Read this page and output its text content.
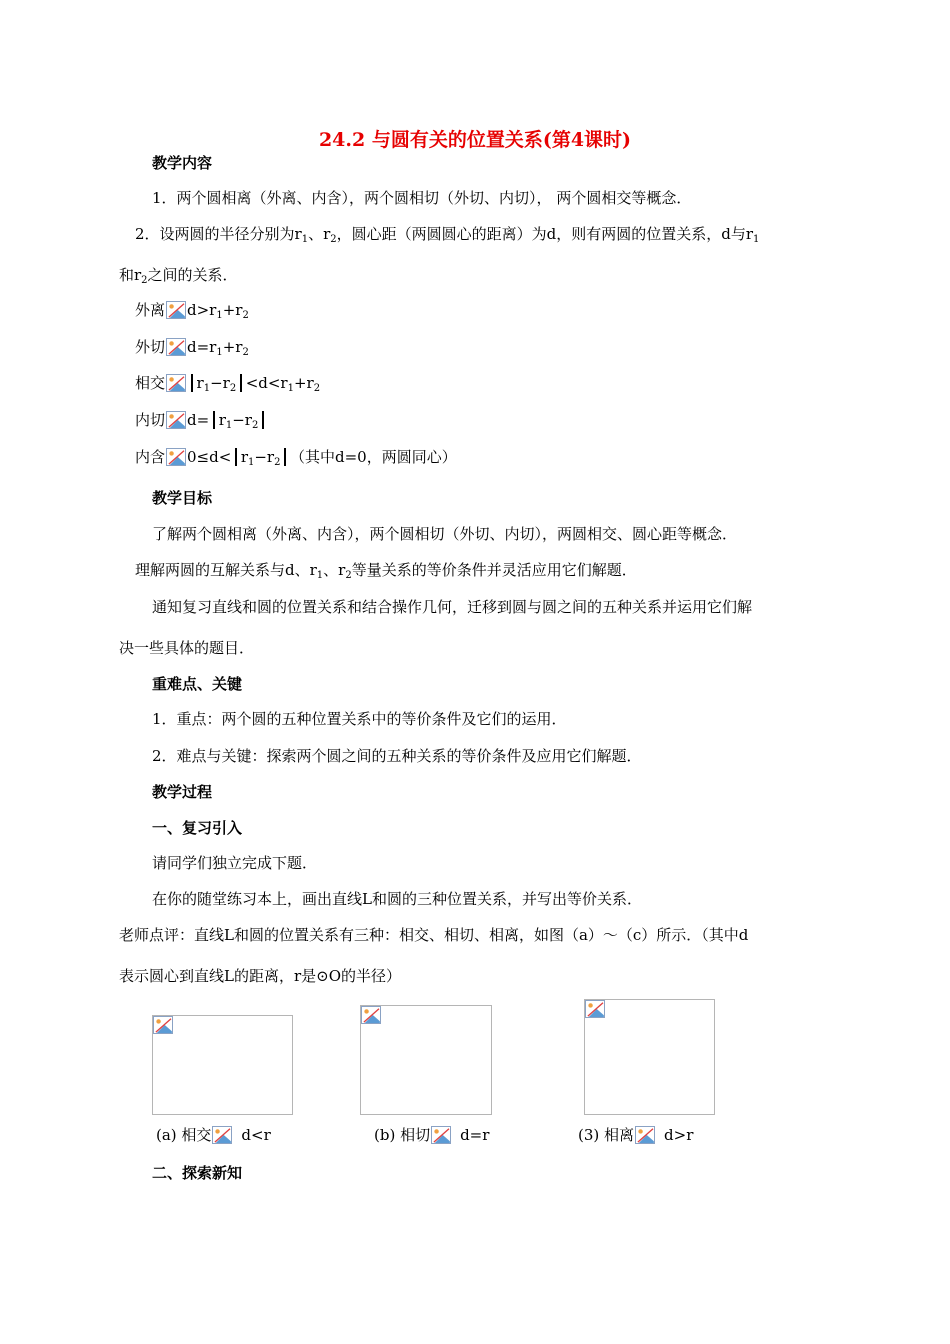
24.2 与圆有关的位置关系(第4课时)
教学内容
1．两个圆相离（外离、内含），两个圆相切（外切、内切）， 两个圆相交等概念．
2．设两圆的半径分别为$r_1$、$r_2$，圆心距（两圆圆心的距离）为d，则有两圆的位置关系，d与$r_1$
和$r_2$之间的关系．
外离 $d>r_1+r_2$
外切 $d=r_1+r_2$
相交 $r_1-r_2 <d<r_1+r_2$
内切 $d= r_1-r_2$
内含 $0\le d< r_1-r_2$ （其中d=0，两圆同心）
教学目标
了解两个圆相离（外离、内含），两个圆相切（外切、内切），两圆相交、圆心距等概念．
理解两圆的互解关系与d、$r_1$、$r_2$等量关系的等价条件并灵活应用它们解题．
通知复习直线和圆的位置关系和结合操作几何，迁移到圆与圆之间的五种关系并运用它们解
决一些具体的题目．
重难点、关键
1．重点：两个圆的五种位置关系中的等价条件及它们的运用．
2．难点与关键：探索两个圆之间的五种关系的等价条件及应用它们解题．
教学过程
一、复习引入
请同学们独立完成下题．
在你的随堂练习本上，画出直线L和圆的三种位置关系，并写出等价关系．
老师点评：直线L和圆的位置关系有三种：相交、相切、相离，如图（a）～（c）所示．（其中d
表示圆心到直线L的距离，r是⊙O的半径）
(a) 相交 d<r	(b) 相切 d=r	(3) 相离 d>r
二、探索新知
